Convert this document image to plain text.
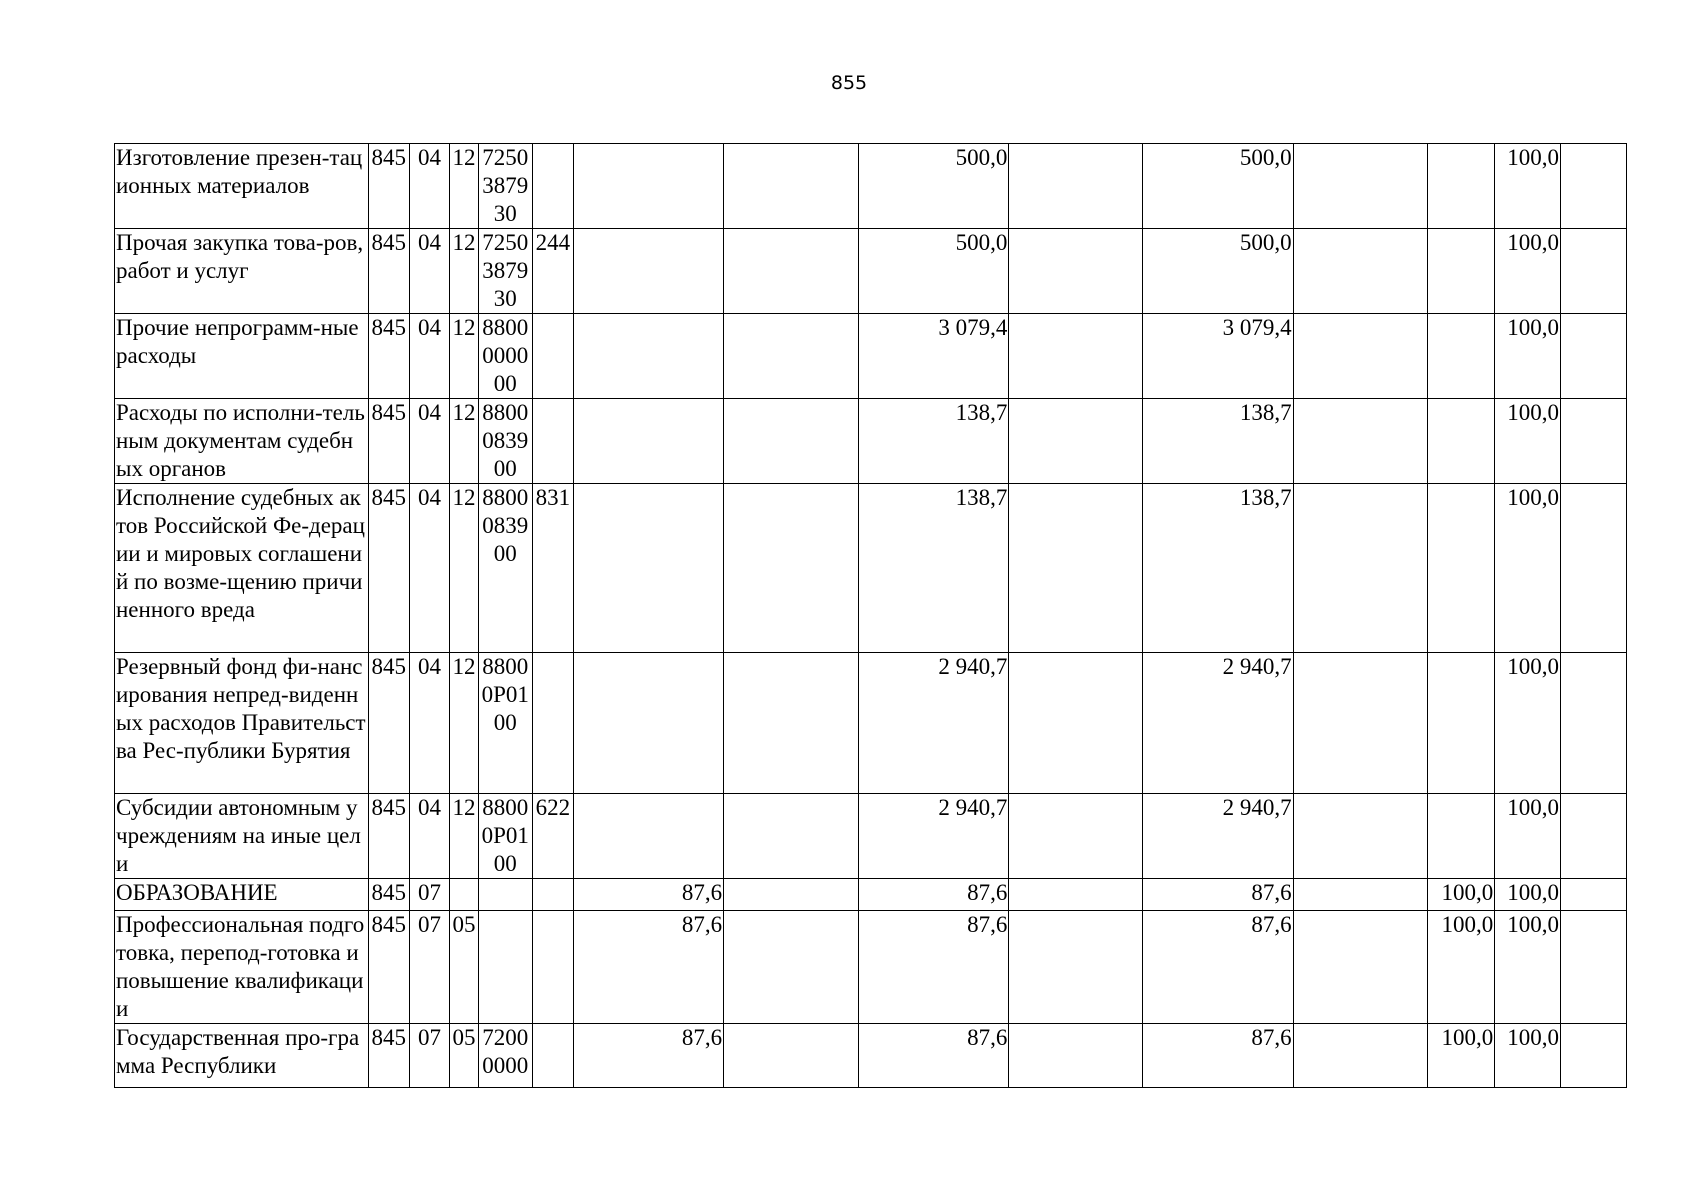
855
Изготовление презен-тационных материалов	845	04	12	7250387930				500,0		500,0			100,0	
Прочая закупка това-ров, работ и услуг	845	04	12	7250387930	244			500,0		500,0			100,0	
Прочие непрограмм-ные расходы	845	04	12	8800000000				3 079,4		3 079,4			100,0	
Расходы по исполни-тельным документам судебных органов	845	04	12	8800083900				138,7		138,7			100,0	
Исполнение судебных актов Российской Фе-дерации и мировых соглашений по возме-щению причиненного вреда	845	04	12	8800083900	831			138,7		138,7			100,0	
Резервный фонд фи-нансирования непред-виденных расходов Правительства Рес-публики Бурятия	845	04	12	88000P0100				2 940,7		2 940,7			100,0	
Субсидии автономным учреждениям на иные цели	845	04	12	88000P0100	622			2 940,7		2 940,7			100,0	
ОБРАЗОВАНИЕ	845	07				87,6		87,6		87,6		100,0	100,0	
Профессиональная подготовка, перепод-готовка и повышение квалификации	845	07	05			87,6		87,6		87,6		100,0	100,0	
Государственная про-грамма Республики	845	07	05	72000000		87,6		87,6		87,6		100,0	100,0	
